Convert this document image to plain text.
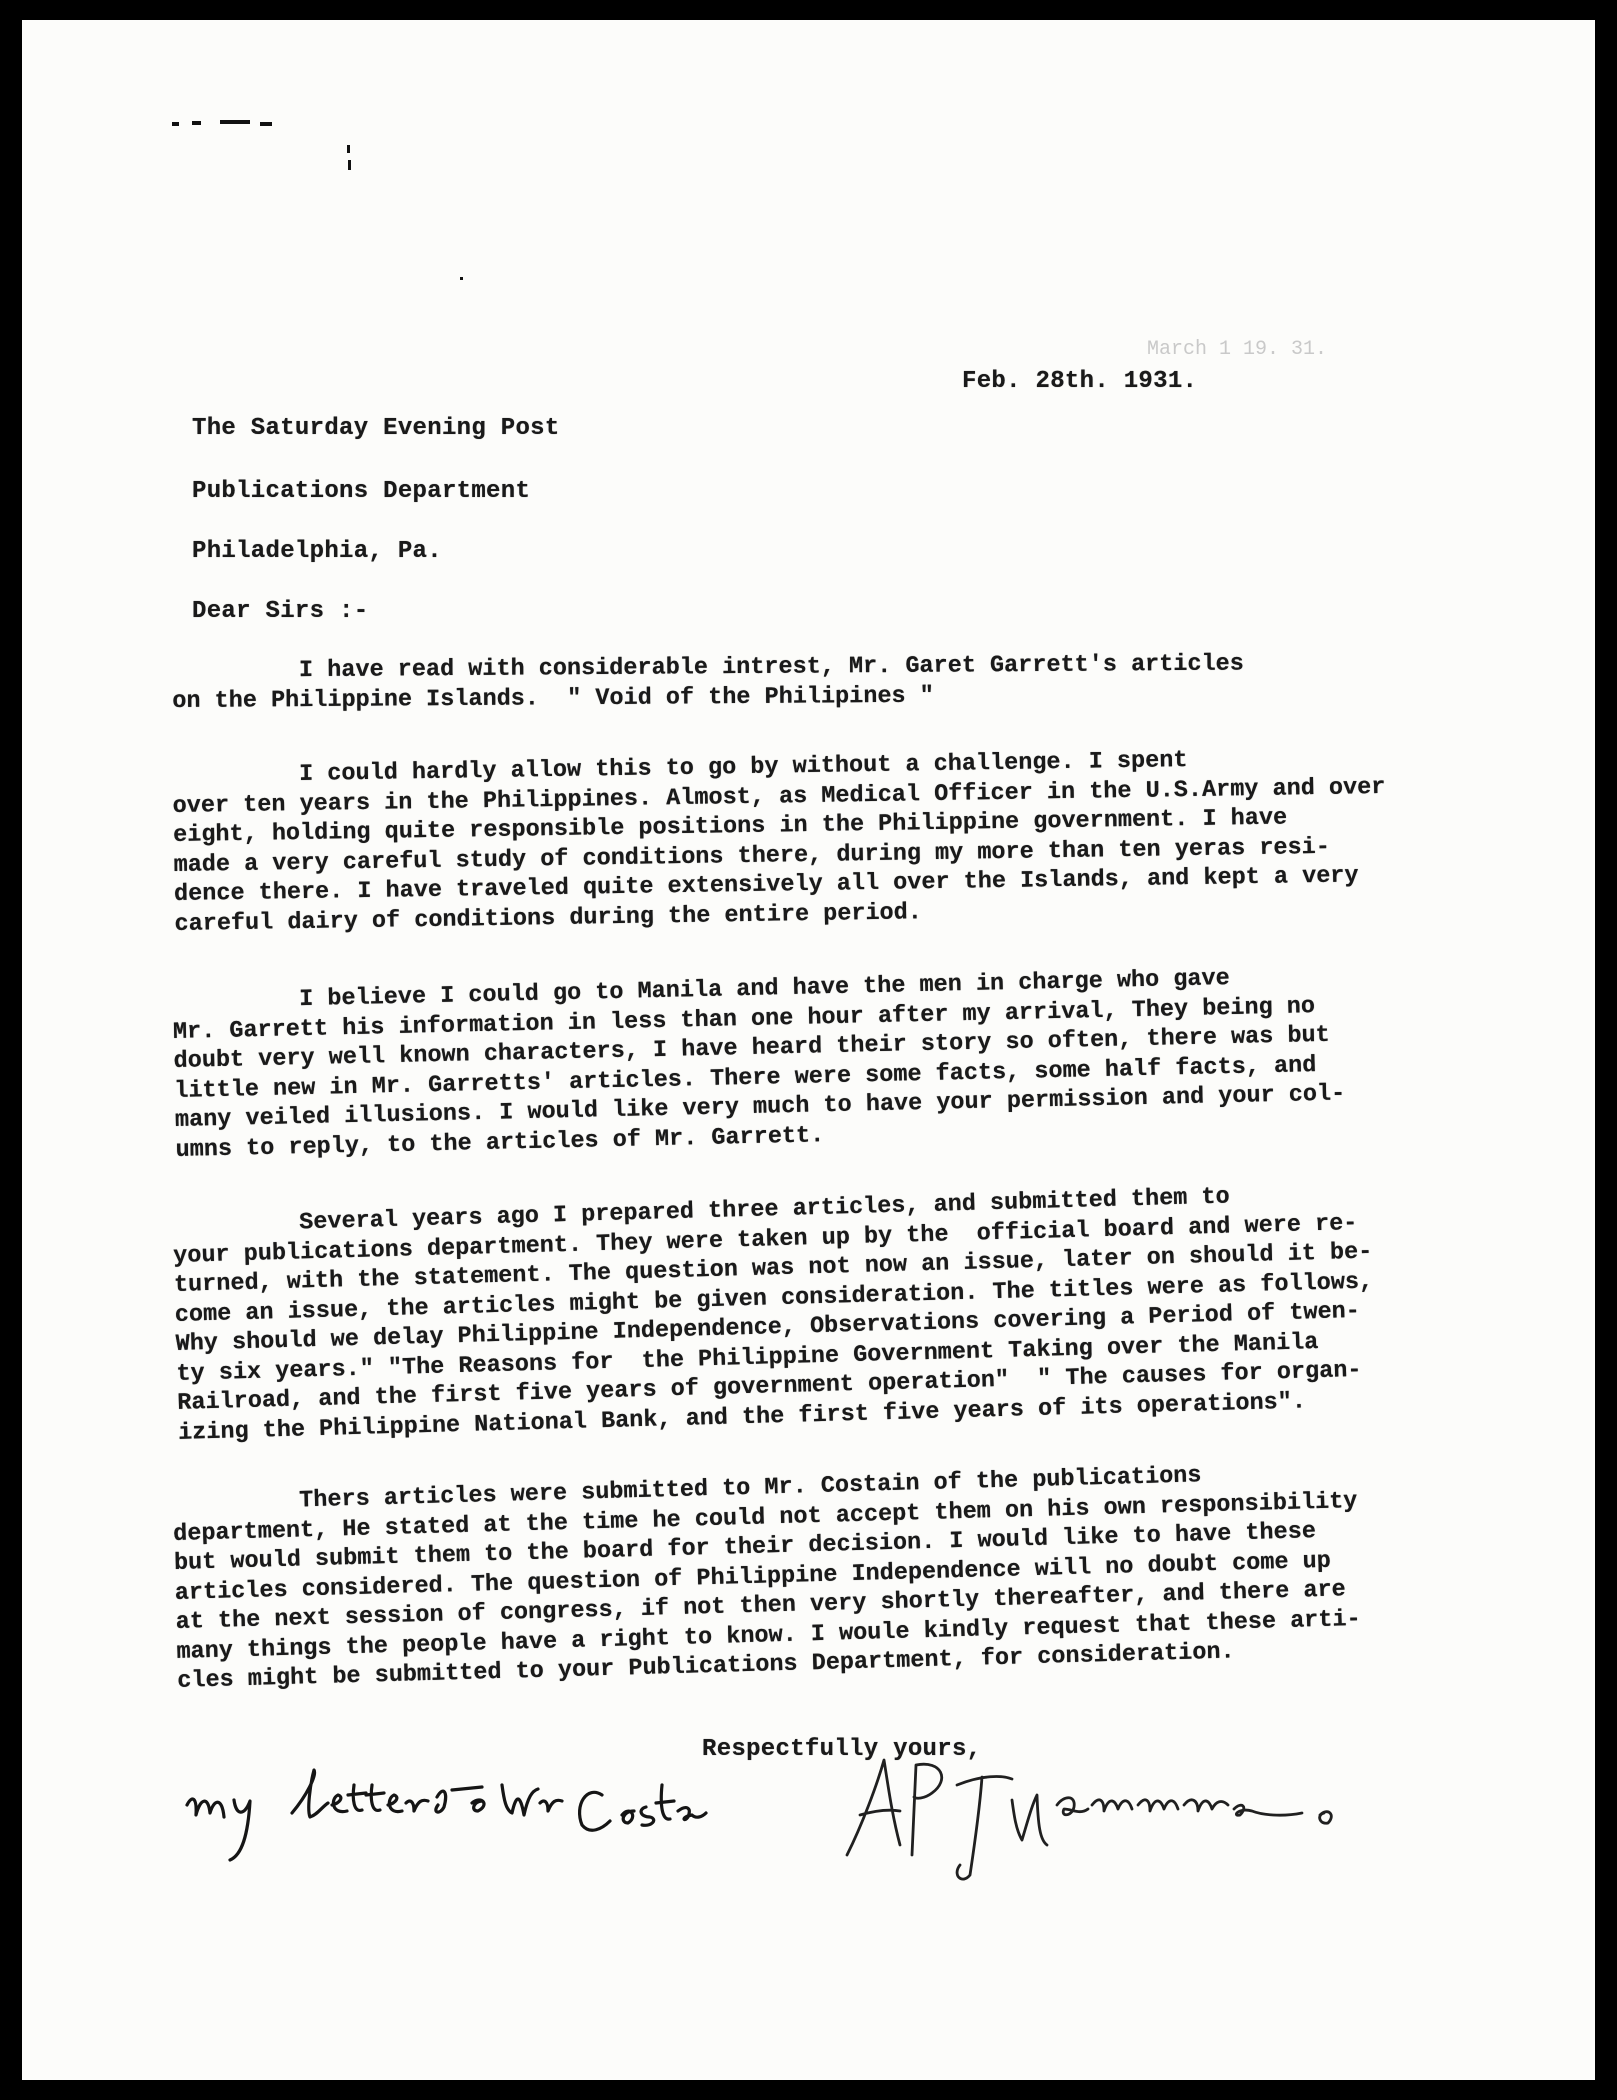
March 1 19. 31.
Feb. 28th. 1931.
The Saturday Evening Post
Publications Department
Philadelphia, Pa.
Dear Sirs :-
I have read with considerable intrest, Mr. Garet Garrett's articles
on the Philippine Islands.  " Void of the Philipines "
I could hardly allow this to go by without a challenge. I spent
over ten years in the Philippines. Almost, as Medical Officer in the U.S.Army and over
eight, holding quite responsible positions in the Philippine government. I have
made a very careful study of conditions there, during my more than ten yeras resi-
dence there. I have traveled quite extensively all over the Islands, and kept a very
careful dairy of conditions during the entire period.
I believe I could go to Manila and have the men in charge who gave
Mr. Garrett his information in less than one hour after my arrival, They being no
doubt very well known characters, I have heard their story so often, there was but
little new in Mr. Garretts' articles. There were some facts, some half facts, and
many veiled illusions. I would like very much to have your permission and your col-
umns to reply, to the articles of Mr. Garrett.
Several years ago I prepared three articles, and submitted them to
your publications department. They were taken up by the  official board and were re-
turned, with the statement. The question was not now an issue, later on should it be-
come an issue, the articles might be given consideration. The titles were as follows,
Why should we delay Philippine Independence, Observations covering a Period of twen-
ty six years." "The Reasons for  the Philippine Government Taking over the Manila
Railroad, and the first five years of government operation"  " The causes for organ-
izing the Philippine National Bank, and the first five years of its operations".
Thers articles were submitted to Mr. Costain of the publications
department, He stated at the time he could not accept them on his own responsibility
but would submit them to the board for their decision. I would like to have these
articles considered. The question of Philippine Independence will no doubt come up
at the next session of congress, if not then very shortly thereafter, and there are
many things the people have a right to know. I woule kindly request that these arti-
cles might be submitted to your Publications Department, for consideration.
Respectfully yours,
